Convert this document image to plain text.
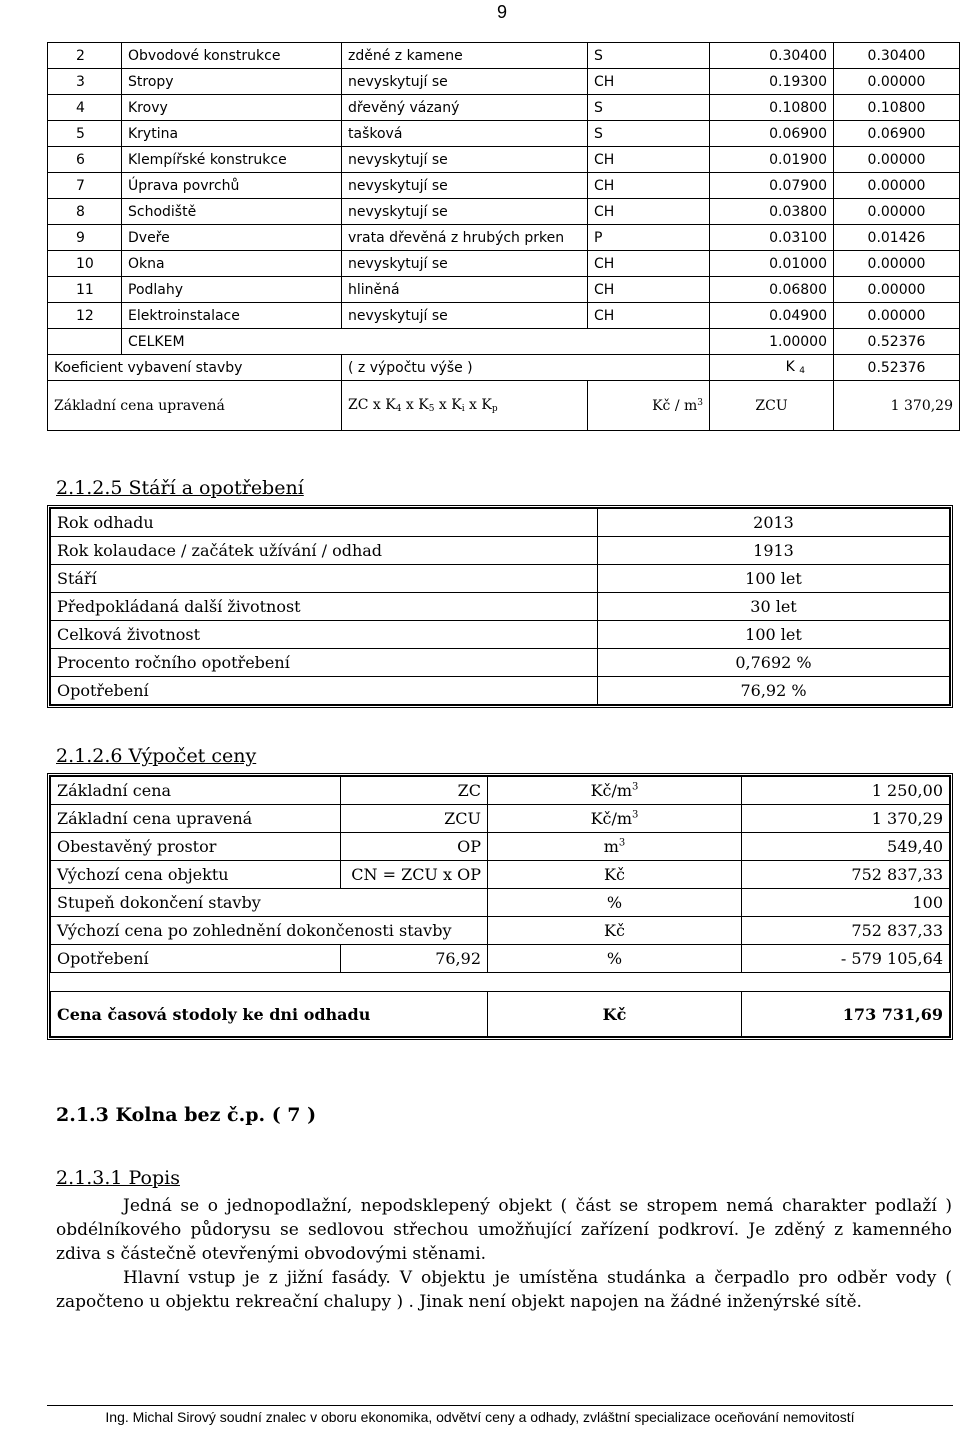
9
2	Obvodové konstrukce	zděné z kamene	S	0.30400	0.30400
3	Stropy	nevyskytují se	CH	0.19300	0.00000
4	Krovy	dřevěný vázaný	S	0.10800	0.10800
5	Krytina	tašková	S	0.06900	0.06900
6	Klempířské konstrukce	nevyskytují se	CH	0.01900	0.00000
7	Úprava povrchů	nevyskytují se	CH	0.07900	0.00000
8	Schodiště	nevyskytují se	CH	0.03800	0.00000
9	Dveře	vrata dřevěná z hrubých prken	P	0.03100	0.01426
10	Okna	nevyskytují se	CH	0.01000	0.00000
11	Podlahy	hliněná	CH	0.06800	0.00000
12	Elektroinstalace	nevyskytují se	CH	0.04900	0.00000
	CELKEM			1.00000	0.52376
Koeficient vybavení stavby		( z výpočtu výše )		K $_4$	0.52376
Základní cena upravená		ZC x $K_4$ x $K_5$ x $K_i$ x $K_p$	Kč / $m^3$	ZCU	1 370,29
2.1.2.5 Stáří a opotřebení
Rok odhadu	2013
Rok kolaudace / začátek užívání / odhad	1913
Stáří	100 let
Předpokládaná další životnost	30 let
Celková životnost	100 let
Procento ročního opotřebení	0,7692 %
Opotřebení	76,92 %
2.1.2.6 Výpočet ceny
Základní cena	ZC	$Kč/m^3$	1 250,00
Základní cena upravená	ZCU	$Kč/m^3$	1 370,29
Obestavěný prostor	OP	$m^3$	549,40
Výchozí cena objektu	CN = ZCU x OP	Kč	752 837,33
Stupeň dokončení stavby		%	100
Výchozí cena po zohlednění dokončenosti stavby		Kč	752 837,33
Opotřebení	76,92	%	- 579 105,64

Cena časová stodoly ke dni odhadu		Kč	173 731,69
2.1.3 Kolna bez č.p. ( 7 )
2.1.3.1 Popis

Jedná se o jednopodlažní, nepodsklepený objekt ( část se stropem nemá charakter podlaží ) obdélníkového půdorysu se sedlovou střechou umožňující zařízení podkroví. Je zděný z kamenného zdiva s částečně otevřenými obvodovými stěnami.

Hlavní vstup je z jižní fasády. V objektu je umístěna studánka a čerpadlo pro odběr vody ( započteno u objektu rekreační chalupy ) . Jinak není objekt napojen na žádné inženýrské sítě.

Ing. Michal Sirový soudní znalec v oboru ekonomika, odvětví ceny a odhady, zvláštní specializace oceňování nemovitostí
